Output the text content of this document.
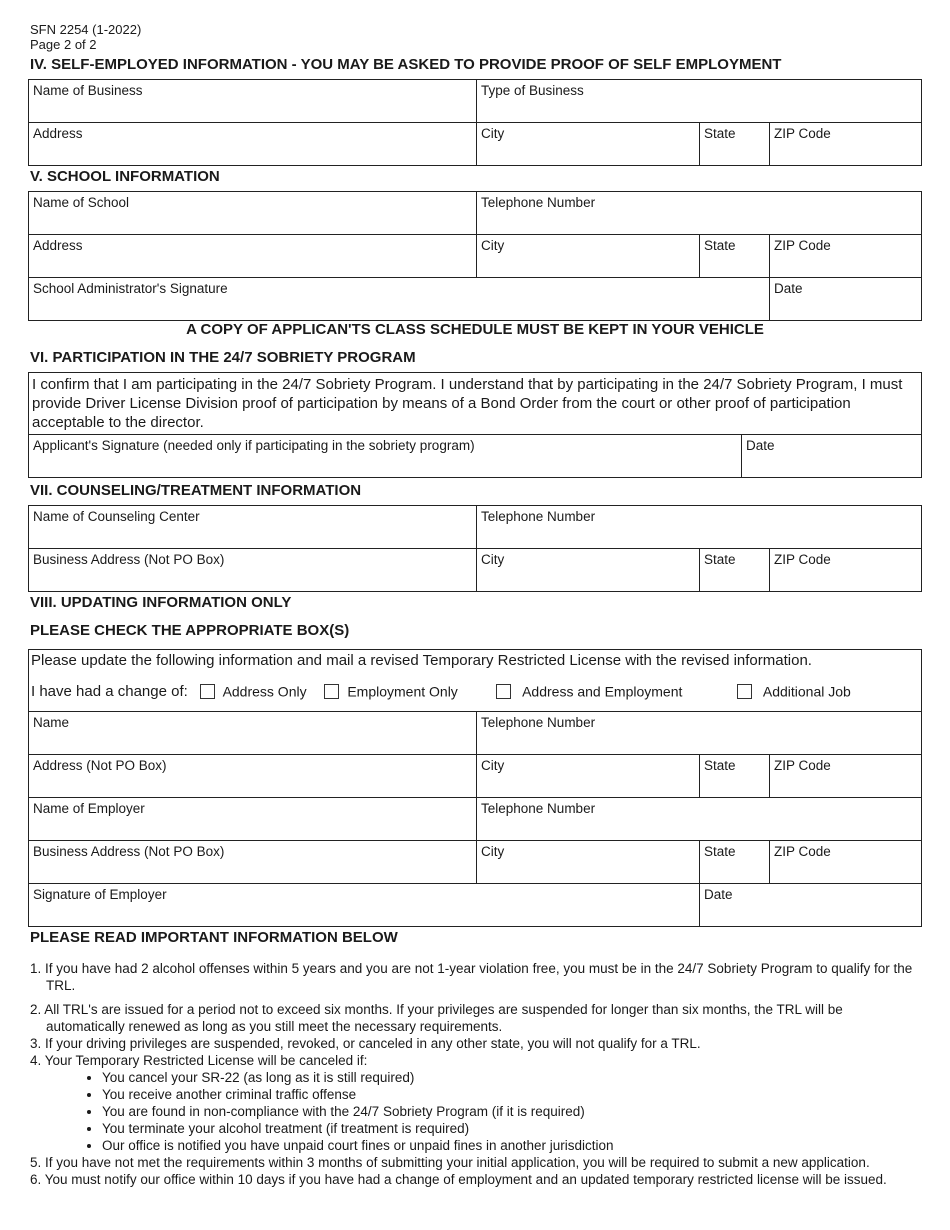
SFN 2254 (1-2022)
Page 2 of 2
IV. SELF-EMPLOYED INFORMATION - YOU MAY BE ASKED TO PROVIDE PROOF OF SELF EMPLOYMENT
Name of Business	Type of Business
Address	City	State	ZIP Code
V. SCHOOL INFORMATION
Name of School	Telephone Number
Address	City	State	ZIP Code
School Administrator's Signature	Date
A COPY OF APPLICAN'TS CLASS SCHEDULE MUST BE KEPT IN YOUR VEHICLE
VI. PARTICIPATION IN THE 24/7 SOBRIETY PROGRAM
I confirm that I am participating in the 24/7 Sobriety Program. I understand that by participating in the 24/7 Sobriety Program, I must provide Driver License Division proof of participation by means of a Bond Order from the court or other proof of participation acceptable to the director.
Applicant's Signature (needed only if participating in the sobriety program)	Date
VII. COUNSELING/TREATMENT INFORMATION
Name of Counseling Center	Telephone Number
Business Address (Not PO Box)	City	State	ZIP Code
VIII. UPDATING INFORMATION ONLY
PLEASE CHECK THE APPROPRIATE BOX(S)
Please update the following information and mail a revised Temporary Restricted License with the revised information.
I have had a change of: Address Only	Employment Only	Address and Employment	Additional Job
Name	Telephone Number
Address (Not PO Box)	City	State	ZIP Code
Name of Employer	Telephone Number
Business Address (Not PO Box)	City	State	ZIP Code
Signature of Employer	Date
PLEASE READ IMPORTANT INFORMATION BELOW
1. If you have had 2 alcohol offenses within 5 years and you are not 1-year violation free, you must be in the 24/7 Sobriety Program to qualify for the TRL.
2. All TRL's are issued for a period not to exceed six months. If your privileges are suspended for longer than six months, the TRL will be automatically renewed as long as you still meet the necessary requirements.
3. If your driving privileges are suspended, revoked, or canceled in any other state, you will not qualify for a TRL.
4. Your Temporary Restricted License will be canceled if:
• You cancel your SR-22 (as long as it is still required)
• You receive another criminal traffic offense
• You are found in non-compliance with the 24/7 Sobriety Program (if it is required)
• You terminate your alcohol treatment (if treatment is required)
• Our office is notified you have unpaid court fines or unpaid fines in another jurisdiction
5. If you have not met the requirements within 3 months of submitting your initial application, you will be required to submit a new application.
6. You must notify our office within 10 days if you have had a change of employment and an updated temporary restricted license will be issued.
